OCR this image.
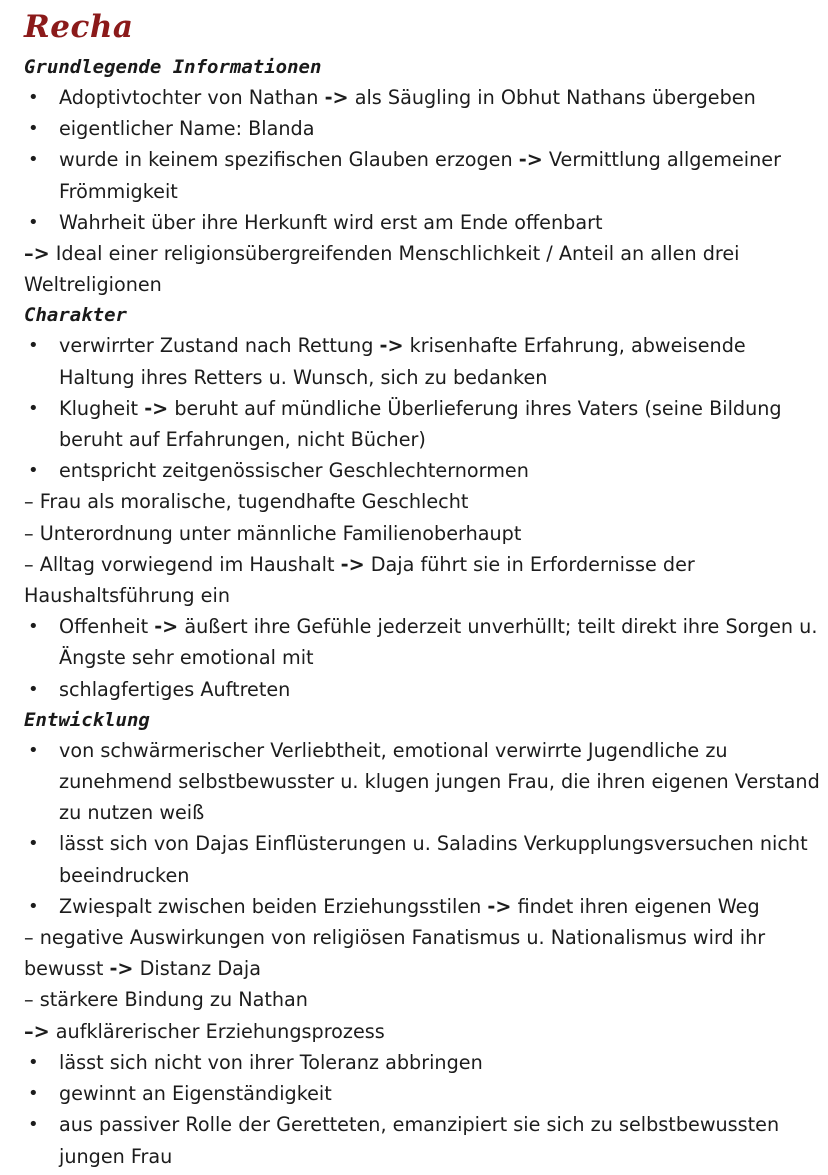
Recha
Grundlegende Informationen
• Adoptivtochter von Nathan -> als Säugling in Obhut Nathans übergeben
• eigentlicher Name: Blanda
• wurde in keinem spezifischen Glauben erzogen -> Vermittlung allgemeiner Frömmigkeit
• Wahrheit über ihre Herkunft wird erst am Ende offenbart

–> Ideal einer religionsübergreifenden Menschlichkeit / Anteil an allen drei Weltreligionen

Charakter
• verwirrter Zustand nach Rettung -> krisenhafte Erfahrung, abweisende Haltung ihres Retters u. Wunsch, sich zu bedanken
• Klugheit -> beruht auf mündliche Überlieferung ihres Vaters (seine Bildung beruht auf Erfahrungen, nicht Bücher)
• entspricht zeitgenössischer Geschlechternormen

– Frau als moralische, tugendhafte Geschlecht

– Unterordnung unter männliche Familienoberhaupt

– Alltag vorwiegend im Haushalt -> Daja führt sie in Erfordernisse der Haushaltsführung ein

• Offenheit -> äußert ihre Gefühle jederzeit unverhüllt; teilt direkt ihre Sorgen u. Ängste sehr emotional mit
• schlagfertiges Auftreten
Entwicklung
• von schwärmerischer Verliebtheit, emotional verwirrte Jugendliche zu zunehmend selbstbewusster u. klugen jungen Frau, die ihren eigenen Verstand zu nutzen weiß
• lässt sich von Dajas Einflüsterungen u. Saladins Verkupplungsversuchen nicht beeindrucken
• Zwiespalt zwischen beiden Erziehungsstilen -> findet ihren eigenen Weg

– negative Auswirkungen von religiösen Fanatismus u. Nationalismus wird ihr bewusst -> Distanz Daja

– stärkere Bindung zu Nathan

–> aufklärerischer Erziehungsprozess

• lässt sich nicht von ihrer Toleranz abbringen
• gewinnt an Eigenständigkeit
• aus passiver Rolle der Geretteten, emanzipiert sie sich zu selbstbewussten jungen Frau
